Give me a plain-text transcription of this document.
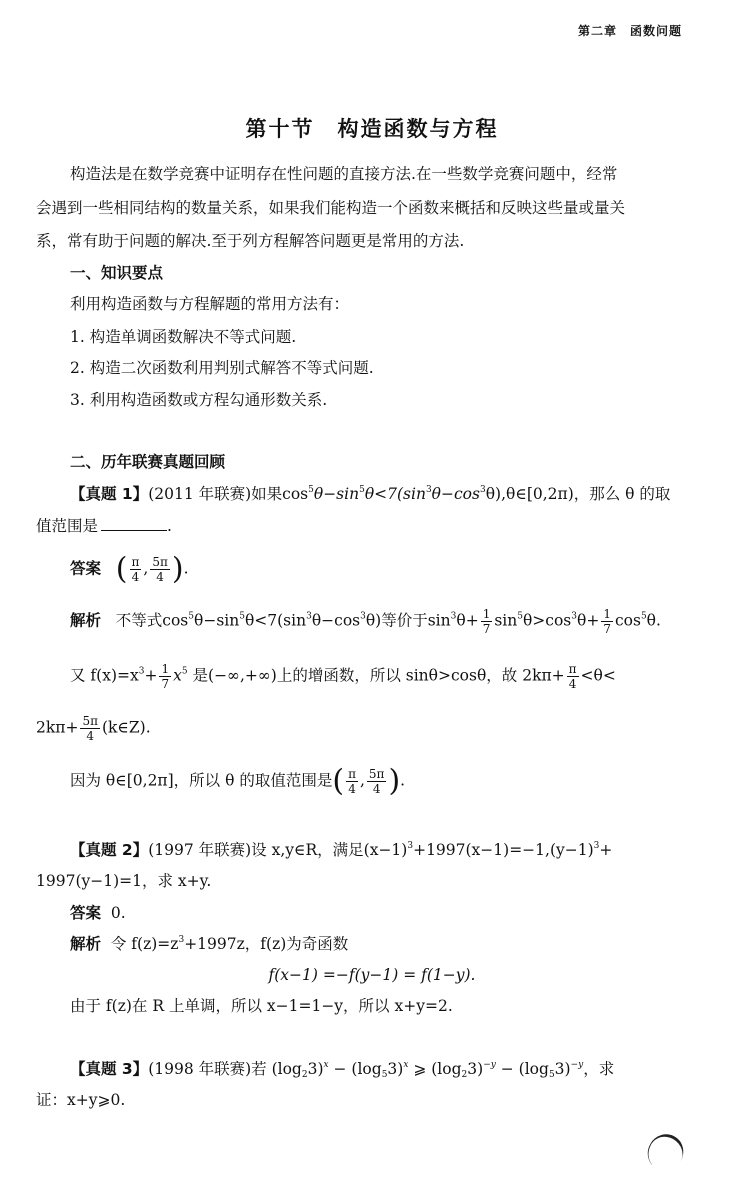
第二章　函数问题
第十节　构造函数与方程
构造法是在数学竞赛中证明存在性问题的直接方法.在一些数学竞赛问题中，经常
会遇到一些相同结构的数量关系，如果我们能构造一个函数来概括和反映这些量或量关
系，常有助于问题的解决.至于列方程解答问题更是常用的方法.
一、知识要点
利用构造函数与方程解题的常用方法有：
1. 构造单调函数解决不等式问题.
2. 构造二次函数利用判别式解答不等式问题.
3. 利用构造函数或方程勾通形数关系.
二、历年联赛真题回顾
【真题 1】(2011 年联赛)如果$\cos^5\theta-\sin^5\theta<7(\sin^3\theta-\cos^3\theta),\theta\in[0,2\pi)$，那么 θ 的取
值范围是	.
答案 ( $\frac{\pi}{4}$ , $\frac{5\pi}{4}$ ).
解析 不等式$\cos^5\theta-\sin^5\theta<7(\sin^3\theta-\cos^3\theta)$等价于$\sin^3\theta+ \frac{1}{7} \sin^5\theta>\cos^3\theta+ \frac{1}{7} \cos^5\theta$.
又 $f(x)=x^3+ \frac{1}{7} x^5$ 是(−∞,+∞)上的增函数，所以 sinθ>cosθ，故 $2k\pi+ \frac{\pi}{4} <\theta<$
$2k\pi+ \frac{5\pi}{4}$ (k∈Z).
因为 θ∈[0,2π]，所以 θ 的取值范围是( $\frac{\pi}{4}$ , $\frac{5\pi}{4}$ ).
【真题 2】(1997 年联赛)设 x,y∈R，满足$(x-1)^3+1997(x-1)=-1,(y-1)^3+$
1997(y−1)=1，求 x+y.
答案 0.
解析 令 $f(z)=z^3+1997z$，f(z)为奇函数
f(x−1) =−f(y−1) = f(1−y).
由于 f(z)在 R 上单调，所以 x−1=1−y，所以 x+y=2.
【真题 3】(1998 年联赛)若 $(\log_23)^x - (\log_53)^x$ ⩾ $(\log_23)^{-y} - (\log_53)^{-y}$，求
证：x+y⩾0.
